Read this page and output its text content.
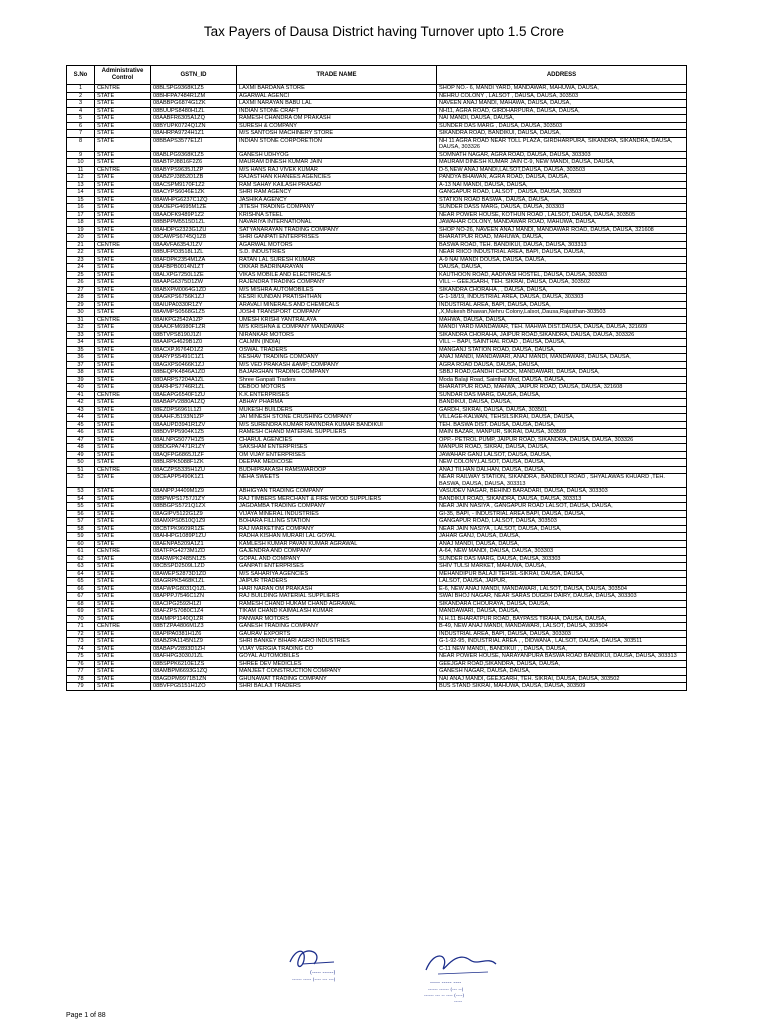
Tax Payers of Dausa District having Turnover upto 1.5 Crore
S.No	Administrative Control	GSTN_ID	TRADE NAME	ADDRESS
1	CENTRE	08BLSPG9368K1Z5	LAXMI BARDANA STORE	SHOP NO.- 6, MANDI YARD, MANDAWAR, MAHUWA, DAUSA,
2	STATE	08BHFPA7484R1ZM	AGARWAL AGENCI	NEHRU COLONY , LALSOT , DAUSA, DAUSA, 303503
3	STATE	08ABBPG6874G1ZK	LAXMI NARAYAN BABU LAL	NAVEEN ANAJ MANDI, MAHAWA, DAUSA, DAUSA,
4	STATE	08BUUPS8480H1ZL	INDIAN STONE CRAFT	NH11, AGRA ROAD, GIRDHARPURA, DAUSA, DAUSA,
5	STATE	08AABFR6305A1ZQ	RAMESH CHANDRA OM PRAKASH	NAI MANDI, DAUSA, DAUSA,
6	STATE	08BYUPK0724Q1ZN	SURESH & COMPANY	SUNDER DAS MARG , DAUSA, DAUSA, 303503
7	STATE	08AHRPA9724H1Z1	M/S SANTOSH MACHINERY STORE	SIKANDRA ROAD, BANDIKUI, DAUSA, DAUSA,
8	STATE	08BBAPS3577E1ZI	INDIAN STONE CORPORETION	NH 11 AGRA ROAD NEAR TOLL PLAZA, GIRDHARPURA, SIKANDRA, SIKANDRA, DAUSA, DAUSA, 303326
9	STATE	08ABLPG9368K1Z5	GANESH UDHYOG	SOMNATH NAGAR, AGRA ROAD, DAUSA, DAUSA, 303303
10	STATE	08ABTPJ8816F2Z6	MAURAM DINESH KUMAR JAIN	MAURAM DINESH KUMAR JAIN C-9, NEW MANDI, DAUSA, DAUSA,
11	CENTRE	08ABYPS9635J1ZP	M/S HANS RAJ VIVEK KUMAR	D-5,NEW ANAJ MANDI,LALSOT,DAUSA, DAUSA, 303503
12	STATE	08ABZPJ3852D1ZB	RAJASTHAN KHANEES AGENCIES	PANDYA BHAWAN, AGRA ROAD, DAUSA, DAUSA,
13	STATE	08ACSPM9170F1Z2	RAM SAHAY KAILASH PRASAD	A-13 NAI MANDI, DAUSA, DAUSA,
14	STATE	08ACYPS6046E1ZK	SHRI RAM AGENCY	GANGAPUR ROAD, LALSOT , DAUSA, DAUSA, 303503
15	STATE	08AWHPG6237C1ZQ	JASHIKA AGENCY	STATION ROAD BASWA , DAUSA, DAUSA,
16	STATE	08AOEPG4695M1ZE	JITESH TRADING COMPANY	SUNDER DASS MARG, DAUSA, DAUSA, 303303
17	STATE	08AAOFK9489P1Z2	KRISHNA STEEL	NEAR POWER HOUSE, KOTHUN ROAD , LALSOT, DAUSA, DAUSA, 303505
18	STATE	08BBPPM5515D1ZL	NAVARIYA INTERNATIONAL	JAWAHAR COLONY, MANDAWAR ROAD, MAHUWA, DAUSA,
19	STATE	08AHDPG2323G1ZU	SATYANARAYAN TRADING COMPANY	SHOP NO-26, NAVEEN ANAJ MANDI, MANDAWAR ROAD, DAUSA, DAUSA, 321608
20	STATE	08CAWPS6745Q1Z8	SHRI GANPATI ENTERPRISES	BHARATPUR ROAD, MAHUWA, DAUSA,
21	CENTRE	08AAVFA6354J1ZV	AGARWAL MOTORS	BASWA ROAD, TEH. BANDIKUI, DAUSA, DAUSA, 303313
22	STATE	08BUFPD3518L1ZL	S.D. INDUSTRIES	NEAR RIICO INDUSTRIAL AREA, BAPI, DAUSA, DAUSA,
23	STATE	08AFDPK2354M1ZA	RATAN LAL SURESH KUMAR	A-9 NAI MANDI DOUSA, DAUSA, DAUSA,
24	STATE	08AFBPB0014N1ZT	OKKAR BADRINARAYAN	DAUSA, DAUSA,
25	STATE	08ALXPG7250L1ZE	VIKAS MOBILE AND ELECTRICALS	KAUTHOON ROAD, AADIVASI HOSTEL, DAUSA, DAUSA, 303303
26	STATE	08AAPG6375D1ZW	RAJENDRA TRADING COMPANY	VILL -- GEEJGARH, TEH. SIKRAI, DAUSA, DAUSA, 303502
27	STATE	08ABXPM0064G1ZD	M/S MISHRA AUTOMOBILES	SIKANDRA CHORAHA , , DAUSA, DAUSA,
28	STATE	08AGKPS6756K1ZJ	KESRI KUNDAN PRATISHTHAN	G-1-18/19, INDUSTRIAL AREA, DAUSA, DAUSA, 303303
29	STATE	08AIUPA0330R1ZY	ARAVALI MINERALS AND CHEMICALS	INDUSTRIAL AREA, BAPI, DAUSA, DAUSA,
30	STATE	08AVMPS0568G1Z5	JOSHI TRANSPORT COMPANY	,X,Mukesh Bhawan,Nehru Colony,Lalsot,,Dausa,Rajasthan-303503
31	CENTRE	08AIKPG2542A1ZP	UMESH KRISHI YANTRALAYA	MAHWA, DAUSA, DAUSA,
32	STATE	08AAOFM6980F1ZR	M/S KRISHNA & COMPANY MANDAWAR	MANDI YARD MANDAWAR, TEH. MAHWA DIST.DAUSA, DAUSA, DAUSA, 321609
33	STATE	08BTVPS8190J1ZI	NIRANKAR MOTORS	SIKANDRA CHORAHA, JAIPUR ROAD,SIKANDRA, DAUSA, DAUSA, 303326
34	STATE	08AAIPG4629B1Z0	CALMIN (INDIA)	VILL -- BAPI, SAINTHAL ROAD , DAUSA, DAUSA,
35	STATE	08ACXPJ6764D1Z2	OSWAL TRADERS	MANGANJ STATION ROAD, DAUSA, DAUSA,
36	STATE	08ARYPS5491C1Z1	KESHAV TRADING COMOANY	ANAJ MANDI, MANDAWARI, ANAJ MANDI, MANDAWARI, DAUSA, DAUSA,
37	STATE	08AGXPS0466K1ZJ	M/S VED PRAKASH &AMP; COMPANY	AGRA ROAD DAUSA, DAUSA, DAUSA,
38	STATE	08BEQPK4846A1ZD	BAJARGHAN TRADING COMPANY	SBBJ ROAD,GANDHI CHOCK, MANDAWARI, DAUSA, DAUSA,
39	STATE	08DARPS7204A1ZL	Shree Ganpati Traders	Moda Balaji Road, Sainthal Mod, DAUSA, DAUSA,
40	STATE	08ARHPS7746R1ZL	DEBOO MOTORS	BHARATPUR ROAD, MAHWA, JAIPUR ROAD, DAUSA, DAUSA, 321608
41	CENTRE	08AEAPG6540F1ZU	K.K.ENTERPRISES	SUNDAR DAS MARG, DAUSA, DAUSA,
42	STATE	08ABAPV2880A1ZQ	ABHAY PHARMA	BANDIKUI, DAUSA, DAUSA,
43	STATE	08EZDPS6961L1ZI	MUKESH BUILDERS	GARDH, SIKRAI, DAUSA, DAUSA, 303501
44	STATE	08AAHFJ5193N1ZP	JAI MINESH STONE CRUSHING COMPANY	VILLAGE-KALWAN, TEHSILSIKRAI, DAUSA, DAUSA,
45	STATE	08AAUPD3941R1ZV	M/S SURENDRA KUMAR RAVINDRA KUMAR BANDIKUI	TEH. BASWA DIST. DAUSA, DAUSA, DAUSA,
46	STATE	08BDVPP5904K1Z5	RAMESH CHAND MATERIAL SUPPLIERS	MAIN BAZAR, MANPUR, SIKRAI, DAUSA, 303509
47	STATE	08ALNPG5077H1Z5	CHARUL AGENCIES	OPP.- PETROL PUMP, JAIPUR ROAD, SIKANDRA, DAUSA, DAUSA, 303326
48	STATE	08BDGPA7471R1ZY	SAKSHAM ENTERPRISES	MANPUR ROAD, SIKRAI, DAUSA, DAUSA,
49	STATE	08AQFPG6865J1ZF	OM VIJAY ENTERPRISES	JAWAHAR GANJ LALSOT, DAUSA, DAUSA,
50	STATE	08BLRPK5088F1ZK	DEEPAK MEDICOSE	NEW COLONY,LALSOT, DAUSA, DAUSA,
51	CENTRE	08ACZPS5335H1ZU	BUDHIPRAKASH RAMSWAROOP	ANAJ TILHAN DALHAN, DAUSA, DAUSA,
52	STATE	08CEAPP5490K1Z1	NEHA SWEETS	NEAR RAILWAY STATION, SIKANDRA , BANDIKUI ROAD , SHYALAWAS KHUARD ,TEH. BASWA, DAUSA, DAUSA, 303313
53	STATE	08ANPPJ4409M1Z9	ABHIGYAN TRADING COMPANY	VASUDEV NAGAR, BEHIND BARADARI, DAUSA, DAUSA, 303303
54	STATE	08BPWPS1757J1ZY	RAJ TIMBERS MERCHANT & FIRE WOOD SUPPLIERS	BANDIKUI ROAD, SIKANDRA, DAUSA, DAUSA, 303313
55	STATE	08BBGPS5721Q1ZX	JAGDAMBA TRADING COMPANY	NEAR JAIN NASIYA , GANGAPUR ROAD LALSOT, DAUSA, DAUSA,
56	STATE	08AGIPV5122G1Z9	VIJAYA MINERAL INDUSTRIES	GI-35, BAPI, - INDUSTRIAL AREA BAPI, DAUSA, DAUSA,
57	STATE	08AMXPS0510Q1Z9	BOHARA FILLING STATION	GANGAPUR ROAD, LALSOT, DAUSA, 303503
58	STATE	08CBTPK9609R1ZE	RAJ MARKETING COMPANY	NEAR JAIN NASIYA , LALSOT, DAUSA, DAUSA,
59	STATE	08AHHPG1089P1ZU	RADHA KISHAN MURARI LAL GOYAL	JAHAR GANJ, DAUSA, DAUSA,
60	STATE	08AENPA5209A1Z1	KAMLESH KUMAR PAVAN KUMAR AGRAWAL	ANAJ MANDI, DAUSA, DAUSA,
61	CENTRE	08ATFPG4273M1ZD	GAJENDRA AND COMPANY	A-64, NEW MANDI, DAUSA, DAUSA, 303303
62	STATE	08ARWPK2485N1Z5	GOPAL AND COMPANY	SUNDER DAS MARG, DAUSA, DAUSA, 303303
63	STATE	08CBSPD2509L1ZD	GANPATI ENTERPRISES	SHIV TULSI MARKET, MAHUWA, DAUSA,
64	STATE	08AWEPS2873D1ZD	M/S SAHARIYA AGENCIES	MEHANDIPUR BALAJI TEHSIL-SIKRAI, DAUSA, DAUSA,
65	STATE	08AGRPK5468K1ZL	JAIPUR TRADERS	LALSOT, DAUSA, JAIPUR,
66	STATE	08AFWPG8031Q1ZL	HARI NARAN OM PRAKASH	E-6, NEW ANAJ MANDI, MANDAWARI, LALSOT, DAUSA, DAUSA, 303504
67	STATE	08APPPJ7546C1ZN	RAJ BUILDING MATERIAL SUPPLIERS	SWAI BHOJ NAGAR, NEAR SARAS DUGDH DAIRY, DAUSA, DAUSA, 303303
68	STATE	08ACIPG2592H1ZI	RAMESH CHAND HUKAM CHAND AGRAWAL	SIKANDARA CHOURAYA, DAUSA, DAUSA,
69	STATE	08AFZPS7080C1Z4	TIKAM CHAND KAIMALASH KUMAR	MANDAWARI, DAUSA, DAUSA,
70	STATE	08AIMPP1140Q1ZR	PANWAR MOTORS	N.H.11 BHARATPUR ROAD, BAYPASS TIRAHA, DAUSA, DAUSA,
71	CENTRE	08BTZPA4806M1Z3	GANESH TRADING COMPANY	B-49, NEW ANAJ MANDI, MANDAWARI, LALSOT, DAUSA, 303504
72	STATE	08APIPA0381H1Z6	GAURAV EXPORTS	INDUSTRIAL AREA, BAPI, DAUSA, DAUSA, 303303
73	STATE	08ABZPA1145N1Z9	SHRI BANKEY BIHARI AGRO INDUSTRIES	G-1-92-95, INDUSTRIAL AREA , , DIDWANA , LALSOT, DAUSA, DAUSA, 303511
74	STATE	08ABAPV2893D1ZH	VIJAY VERGIA TRADING CO	C-11 NEW MANDI,, BANDIKUI , , DAUSA, DAUSA,
75	STATE	08AFHPG3030J1ZL	GOYAL AUTOMOBILES	NEAR POWER HOUSE, NARAYANPURA BASWA ROAD BANDIKUI, DAUSA, DAUSA, 303313
76	STATE	08BSPPK6210E1ZS	SHREE DEV MEDICLES	GEEJGAR ROAD,SIKANDRA, DAUSA, DAUSA,
77	STATE	08AMBPM6693G1ZQ	MANJEET CONSTRUCTION COMPANY	GANESH NAGAR, DAUSA, DAUSA,
78	STATE	08AGDPM9971B1ZN	GHUNAWAT TRADING COMPANY	NAI ANAJ MANDI, GEEJGARH, TEH. SIKRAI, DAUSA, DAUSA, 303502
79	STATE	08BVFPG5151H1ZO	SHRI BALAJI TRADERS	BUS STAND SIKRAI, MAHUWA, DAUSA, DAUSA, 303509
(----- ------)
------ ----- (---- --- ---)	----- ----- ----
------ ------ (--- --)
------ --- -- ---- (----)
-----
Page 1 of 88
